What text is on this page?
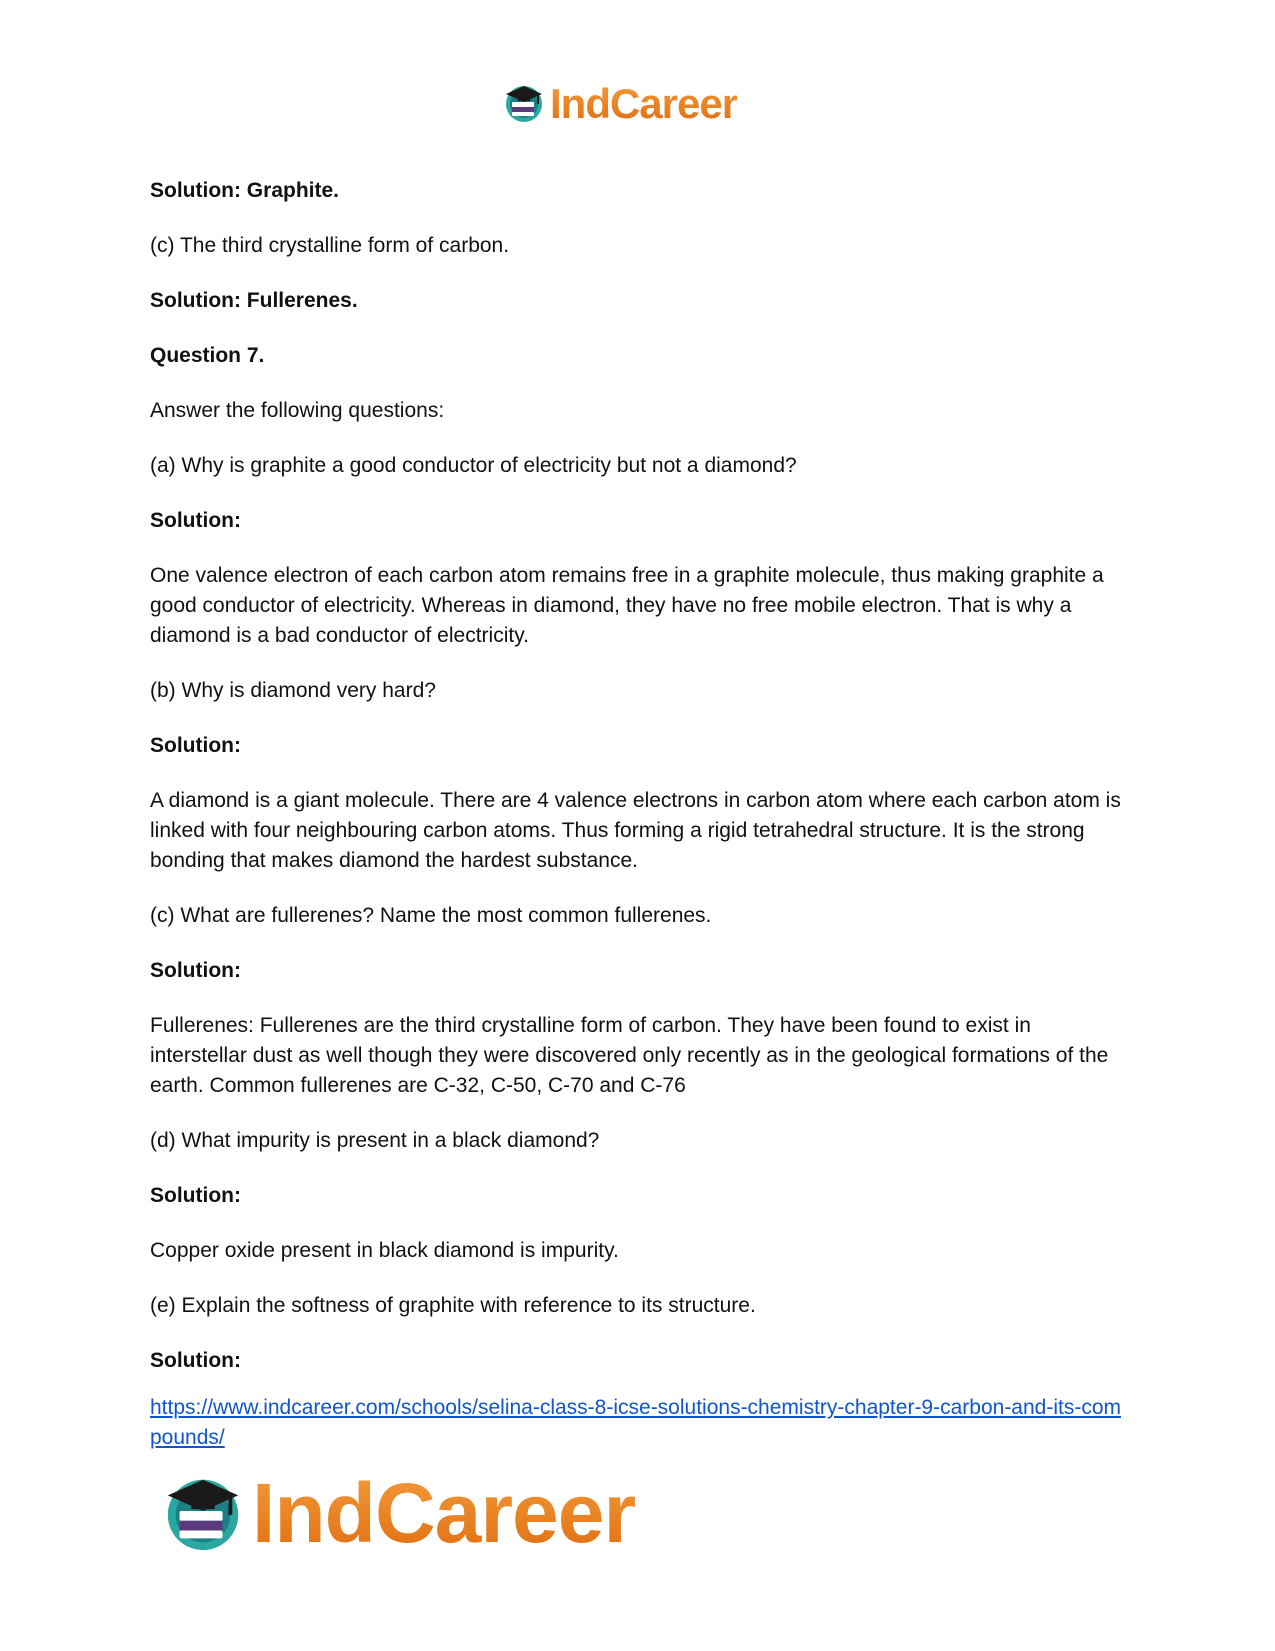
IndCareer

Solution: Graphite.

(c) The third crystalline form of carbon.

Solution: Fullerenes.

Question 7.

Answer the following questions:

(a) Why is graphite a good conductor of electricity but not a diamond?

Solution:

One valence electron of each carbon atom remains free in a graphite molecule, thus making graphite a good conductor of electricity. Whereas in diamond, they have no free mobile electron. That is why a diamond is a bad conductor of electricity.

(b) Why is diamond very hard?

Solution:

A diamond is a giant molecule. There are 4 valence electrons in carbon atom where each carbon atom is linked with four neighbouring carbon atoms. Thus forming a rigid tetrahedral structure. It is the strong bonding that makes diamond the hardest substance.

(c) What are fullerenes? Name the most common fullerenes.

Solution:

Fullerenes: Fullerenes are the third crystalline form of carbon. They have been found to exist in interstellar dust as well though they were discovered only recently as in the geological formations of the earth. Common fullerenes are C-32, C-50, C-70 and C-76

(d) What impurity is present in a black diamond?

Solution:

Copper oxide present in black diamond is impurity.

(e) Explain the softness of graphite with reference to its structure.

Solution:

https://www.indcareer.com/schools/selina-class-8-icse-solutions-chemistry-chapter-9-carbon-and-its-compounds/
IndCareer
